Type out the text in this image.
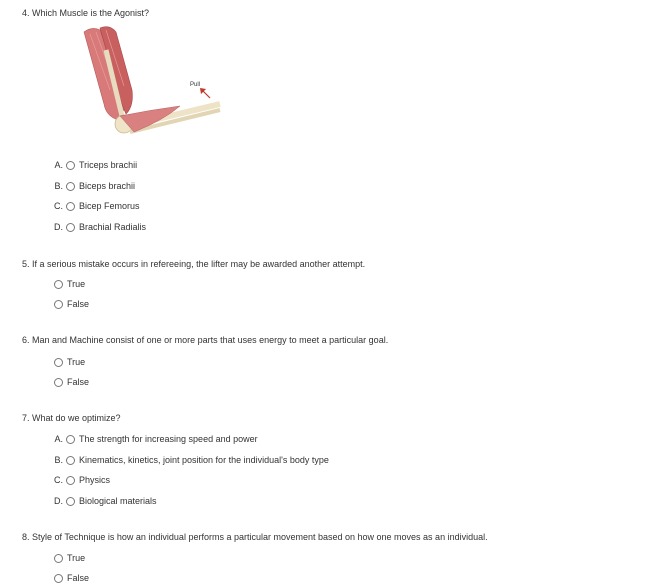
4. Which Muscle is the Agonist?
Pull
A. Triceps brachii
B. Biceps brachii
C. Bicep Femorus
D. Brachial Radialis
5. If a serious mistake occurs in refereeing, the lifter may be awarded another attempt.
True
False
6. Man and Machine consist of one or more parts that uses energy to meet a particular goal.
True
False
7. What do we optimize?
A. The strength for increasing speed and power
B. Kinematics, kinetics, joint position for the individual's body type
C. Physics
D. Biological materials
8. Style of Technique is how an individual performs a particular movement based on how one moves as an individual.
True
False
